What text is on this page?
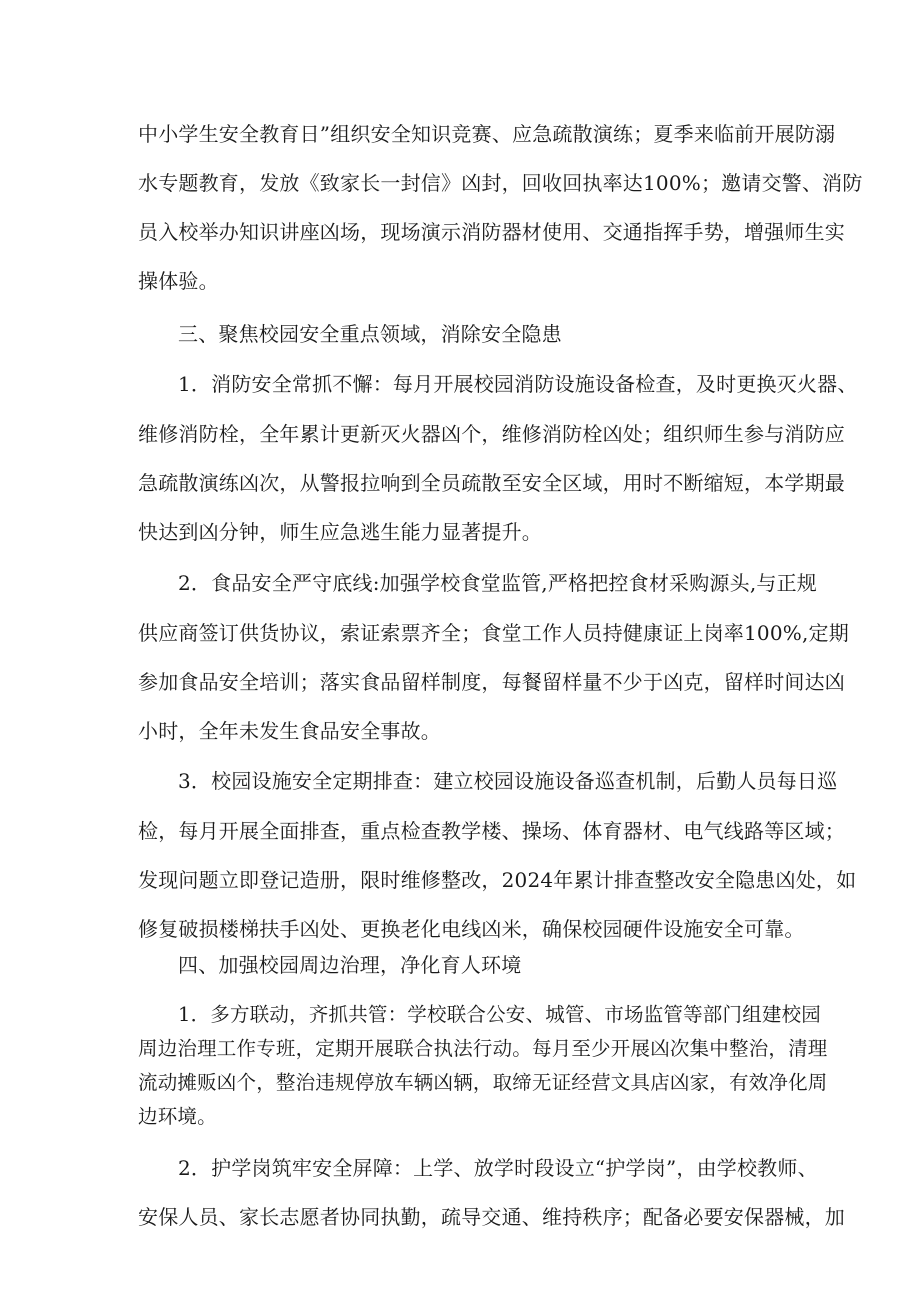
中小学生安全教育日”组织安全知识竞赛、应急疏散演练；夏季来临前开展防溺
水专题教育，发放《致家长一封信》凶封，回收回执率达100%；邀请交警、消防
员入校举办知识讲座凶场，现场演示消防器材使用、交通指挥手势，增强师生实
操体验。
三、聚焦校园安全重点领域，消除安全隐患
1．消防安全常抓不懈：每月开展校园消防设施设备检查，及时更换灭火器、
维修消防栓，全年累计更新灭火器凶个，维修消防栓凶处；组织师生参与消防应
急疏散演练凶次，从警报拉响到全员疏散至安全区域，用时不断缩短，本学期最
快达到凶分钟，师生应急逃生能力显著提升。
2．食品安全严守底线:加强学校食堂监管,严格把控食材采购源头,与正规
供应商签订供货协议，索证索票齐全；食堂工作人员持健康证上岗率100%,定期
参加食品安全培训；落实食品留样制度，每餐留样量不少于凶克，留样时间达凶
小时，全年未发生食品安全事故。
3．校园设施安全定期排查：建立校园设施设备巡查机制，后勤人员每日巡
检，每月开展全面排查，重点检查教学楼、操场、体育器材、电气线路等区域；
发现问题立即登记造册，限时维修整改，2024年累计排查整改安全隐患凶处，如
修复破损楼梯扶手凶处、更换老化电线凶米，确保校园硬件设施安全可靠。
四、加强校园周边治理，净化育人环境
1．多方联动，齐抓共管：学校联合公安、城管、市场监管等部门组建校园
周边治理工作专班，定期开展联合执法行动。每月至少开展凶次集中整治，清理
流动摊贩凶个，整治违规停放车辆凶辆，取缔无证经营文具店凶家，有效净化周
边环境。
2．护学岗筑牢安全屏障：上学、放学时段设立“护学岗”，由学校教师、
安保人员、家长志愿者协同执勤，疏导交通、维持秩序；配备必要安保器械，加
